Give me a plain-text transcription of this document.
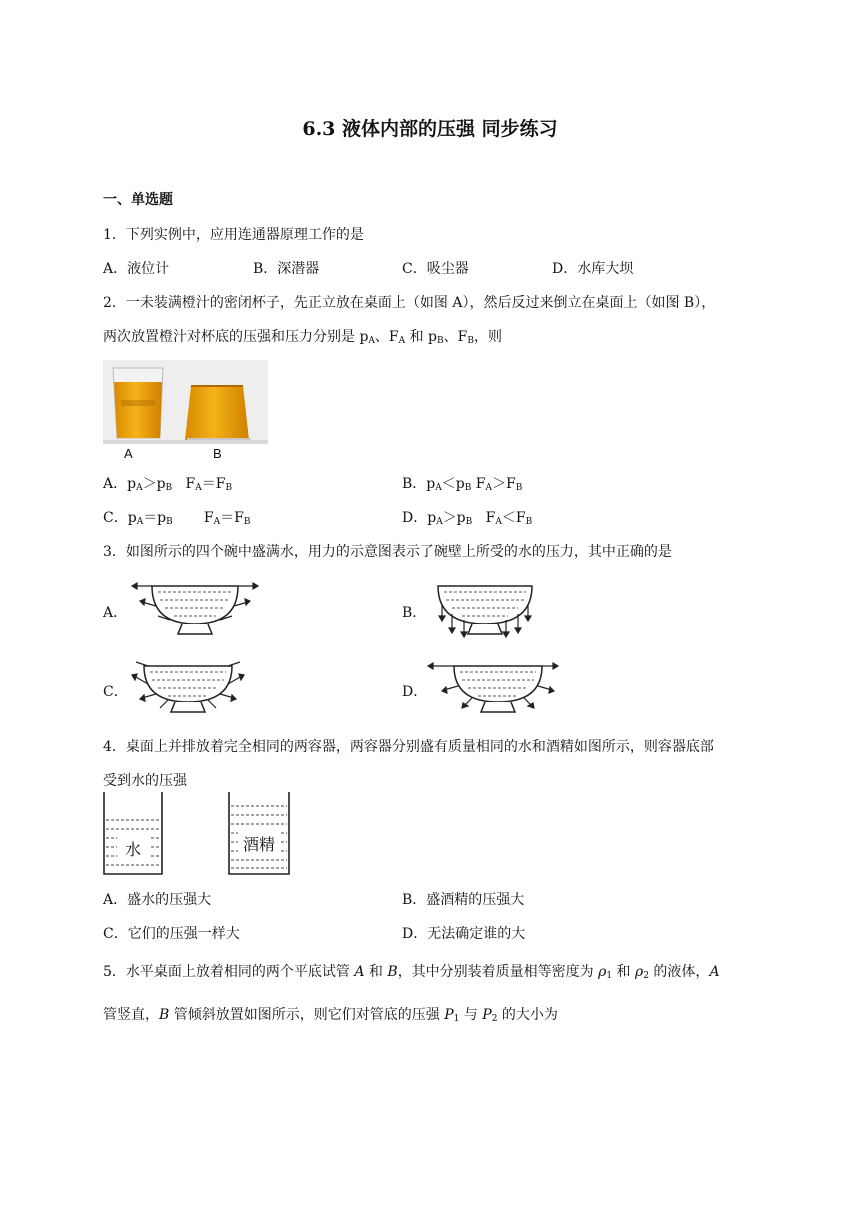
6.3 液体内部的压强 同步练习
一、单选题
1．下列实例中，应用连通器原理工作的是
A．液位计	B．深潜器	C．吸尘器	D．水库大坝
2．一未装满橙汁的密闭杯子，先正立放在桌面上（如图 A），然后反过来倒立在桌面上（如图 B），
两次放置橙汁对杯底的压强和压力分别是 $p_A$、$F_A$ 和 $p_B$、$F_B$，则
A	B
A．$p_A>p_B$   $F_A=F_B$	B．$p_A<p_B$ $F_A>F_B$
C．$p_A=p_B$       $F_A=F_B$	D．$p_A>p_B$   $F_A<F_B$
3．如图所示的四个碗中盛满水，用力的示意图表示了碗壁上所受的水的压力，其中正确的是
A．	B．
C．	D．
4．桌面上并排放着完全相同的两容器，两容器分别盛有质量相同的水和酒精如图所示，则容器底部
受到水的压强
水	酒精
A．盛水的压强大	B．盛酒精的压强大
C．它们的压强一样大	D．无法确定谁的大
5．水平桌面上放着相同的两个平底试管 A 和 B，其中分别装着质量相等密度为 $\rho_1$ 和 $\rho_2$ 的液体，A
管竖直，B 管倾斜放置如图所示，则它们对管底的压强 $P_1$ 与 $P_2$ 的大小为
